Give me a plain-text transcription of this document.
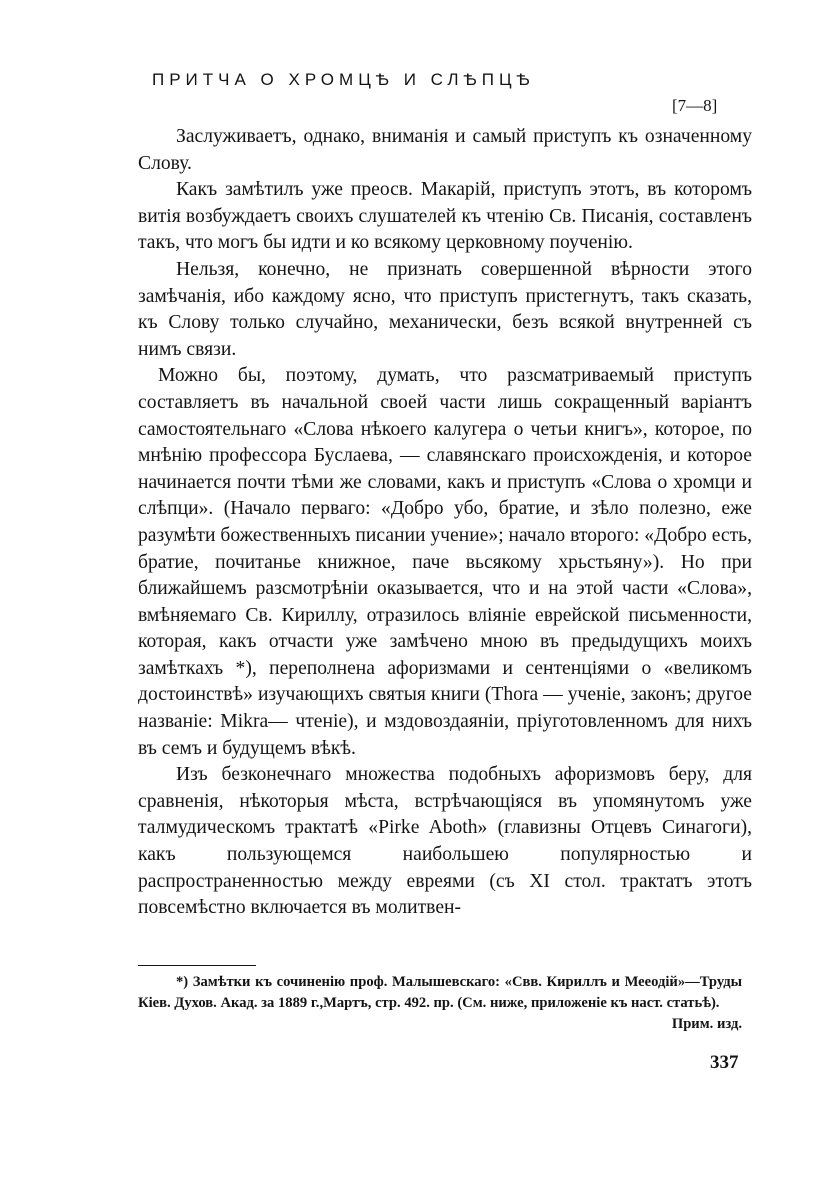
ПРИТЧА О ХРОМЦѢ И СЛѢПЦѢ
[7—8]

Заслуживаетъ, однако, вниманія и самый приступъ къ означенному Слову.

Какъ замѣтилъ уже преосв. Макарій, приступъ этотъ, въ которомъ витія возбуждаетъ своихъ слушателей къ чтенію Св. Писанія, составленъ такъ, что могъ бы идти и ко всякому церковному поученію.

Нельзя, конечно, не признать совершенной вѣрности этого замѣчанія, ибо каждому ясно, что приступъ пристегнутъ, такъ сказать, къ Слову только случайно, механически, безъ всякой внутренней съ нимъ связи.

Можно бы, поэтому, думать, что разсматриваемый приступъ составляетъ въ начальной своей части лишь сокращенный варіантъ самостоятельнаго «Слова нѣкоего калугера о четьи книгъ», которое, по мнѣнію профессора Буслаева, — славянскаго происхожденія, и которое начинается почти тѣми же словами, какъ и приступъ «Слова о хромци и слѣпци». (Начало перваго: «Добро убо, братие, и зѣло полезно, еже разумѣти божественныхъ писании учение»; начало второго: «Добро есть, братие, почитанье книжное, паче вьсякому хрьстьяну»). Но при ближайшемъ разсмотрѣніи оказывается, что и на этой части «Слова», вмѣняемаго Св. Кириллу, отразилось вліяніе еврейской письменности, которая, какъ отчасти уже замѣчено мною въ предыдущихъ моихъ замѣткахъ *), переполнена афоризмами и сентенціями о «великомъ достоинствѣ» изучающихъ святыя книги (Thora — ученіе, законъ; другое названіе: Mikra— чтеніе), и мздовоздаяніи, пріуготовленномъ для нихъ въ семъ и будущемъ вѣкѣ.

Изъ безконечнаго множества подобныхъ афоризмовъ беру, для сравненія, нѣкоторыя мѣста, встрѣчающіяся въ упомянутомъ уже талмудическомъ трактатѣ «Pirke Aboth» (главизны Отцевъ Синагоги), какъ пользующемся наибольшею популярностью и распространенностью между евреями (съ XI стол. трактатъ этотъ повсемѣстно включается въ молитвен-

*) Замѣтки къ сочиненію проф. Малышевскаго: «Свв. Кириллъ и Мееодій»—Труды Кіев. Духов. Акад. за 1889 г.,Мартъ, стр. 492. пр. (См. ниже, приложеніе къ наст. статьѣ).
Прим. изд.
337
